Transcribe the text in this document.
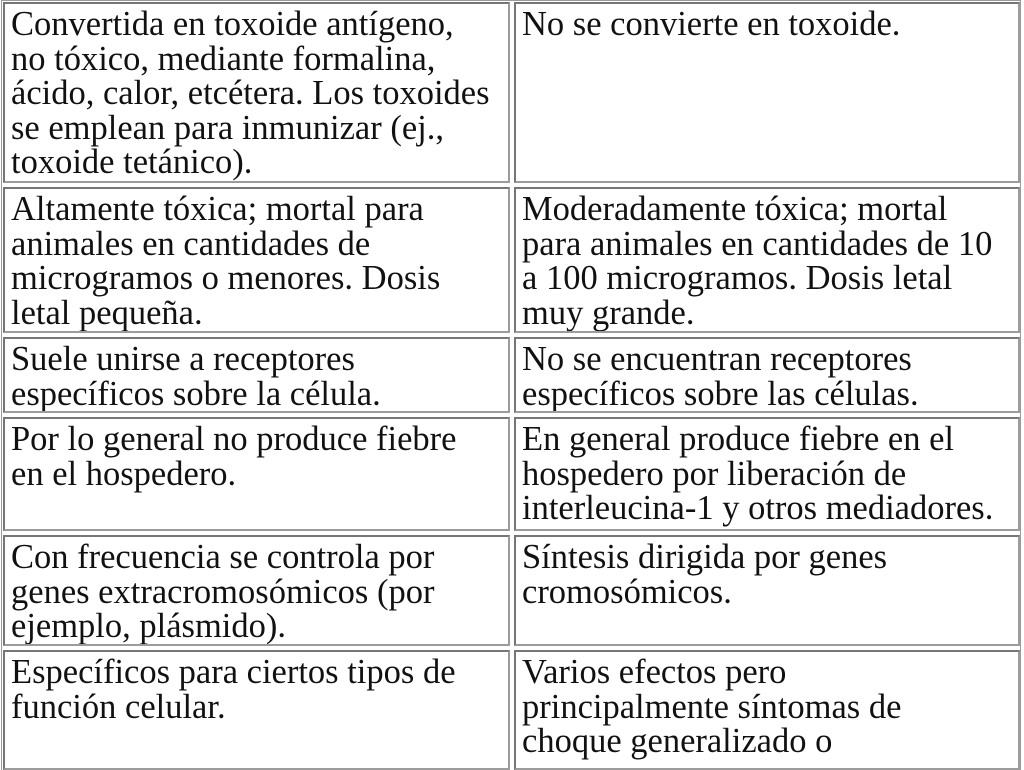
Convertida en toxoide antígeno,
no tóxico, mediante formalina,
ácido, calor, etcétera. Los toxoides
se emplean para inmunizar (ej.,
toxoide tetánico).
No se convierte en toxoide.
Altamente tóxica; mortal para
animales en cantidades de
microgramos o menores. Dosis
letal pequeña.
Moderadamente tóxica; mortal
para animales en cantidades de 10
a 100 microgramos. Dosis letal
muy grande.
Suele unirse a receptores
específicos sobre la célula.
No se encuentran receptores
específicos sobre las células.
Por lo general no produce fiebre
en el hospedero.
En general produce fiebre en el
hospedero por liberación de
interleucina-1 y otros mediadores.
Con frecuencia se controla por
genes extracromosómicos (por
ejemplo, plásmido).
Síntesis dirigida por genes
cromosómicos.
Específicos para ciertos tipos de
función celular.
Varios efectos pero
principalmente síntomas de
choque generalizado o
